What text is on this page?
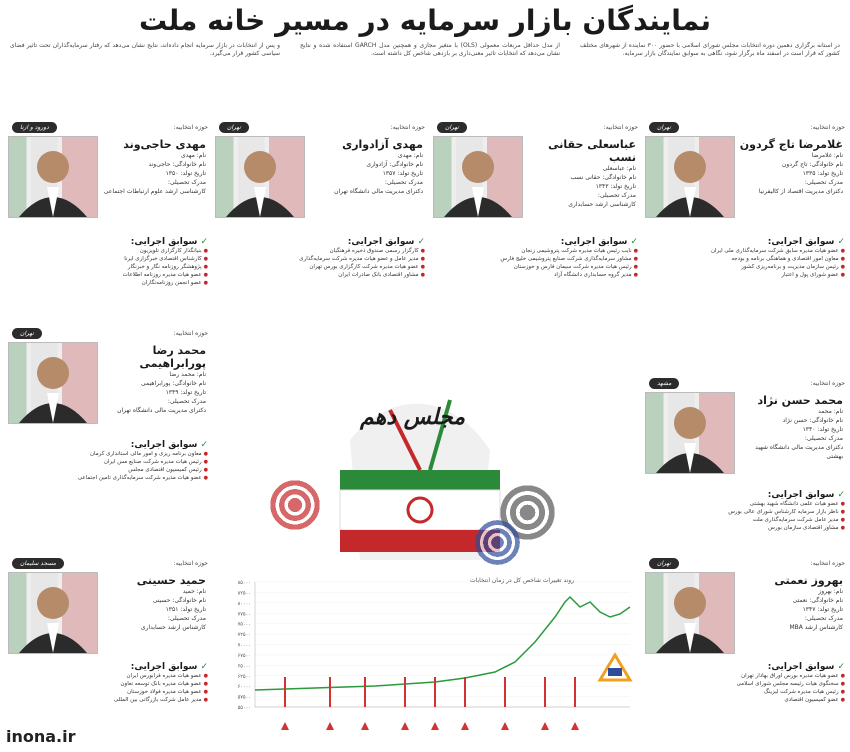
نمایندگان بازار سرمایه در مسیر خانه ملت
در آستانه برگزاری دهمین دوره انتخابات مجلس شورای اسلامی با حضور ۳۰۰ نماینده از شهرهای مختلف کشور که قرار است در اسفند ماه برگزار شود، نگاهی به سوابق نمایندگان بازار سرمایه.
از مدل حداقل مربعات معمولی (OLS) با متغیر مجازی و همچنین مدل GARCH استفاده شده و نتایج نشان می‌دهد که انتخابات تاثیر معنی‌داری بر بازدهی شاخص کل داشته است.
و پس از انتخابات در بازار سرمایه انجام داده‌اند، نتایج نشان می‌دهد که رفتار سرمایه‌گذاران تحت تاثیر فضای سیاسی کشور قرار می‌گیرد.
حوزه انتخابیه:
تهران
غلامرضا تاج گردون
نام: غلامرضا
نام خانوادگی: تاج گردون
تاریخ تولد: ۱۳۳۵
مدرک تحصیلی:
دکترای مدیریت اقتصاد از کالیفرنیا
✓ سوابق اجرایی:
● عضو هیات مدیره سابق شرکت سرمایه‌گذاری ملی ایران
● معاون امور اقتصادی و هماهنگی برنامه و بودجه
● رئیس سازمان مدیریت و برنامه‌ریزی کشور
● عضو شورای پول و اعتبار
حوزه انتخابیه:
تهران
عباسعلی حقانی نسب
نام: عباسعلی
نام خانوادگی: حقانی نسب
تاریخ تولد: ۱۳۴۳
مدرک تحصیلی:
کارشناسی ارشد حسابداری
✓ سوابق اجرایی:
● نایب رئیس هیات مدیره شرکت پتروشیمی زنجان
● مشاور سرمایه‌گذاری شرکت صنایع پتروشیمی خلیج فارس
● رئیس هیات مدیره شرکت سیمان فارس و خوزستان
● مدیر گروه حسابداری دانشگاه آزاد
حوزه انتخابیه:
تهران
مهدی آزادواری
نام: مهدی
نام خانوادگی: آزادواری
تاریخ تولد: ۱۳۵۷
مدرک تحصیلی:
دکترای مدیریت مالی دانشگاه تهران
✓ سوابق اجرایی:
● کارگزار رسمی صندوق ذخیره فرهنگیان
● مدیر عامل و عضو هیات مدیره شرکت سرمایه‌گذاری
● عضو هیات مدیره شرکت کارگزاری بورس تهران
● مشاور اقتصادی بانک صادرات ایران
حوزه انتخابیه:
دورود و ازنا
مهدی حاجی‌وند
نام: مهدی
نام خانوادگی: حاجی‌وند
تاریخ تولد: ۱۳۵۰
مدرک تحصیلی:
کارشناسی ارشد علوم ارتباطات اجتماعی
✓ سوابق اجرایی:
● بنیانگذار کارگزاری تلویزیون
● کارشناس اقتصادی خبرگزاری ایرنا
● پژوهشگر روزنامه نگار و خبرنگار
● عضو هیات مدیره روزنامه اطلاعات
● عضو انجمن روزنامه‌نگاران
حوزه انتخابیه:
مشهد
محمد حسن نژاد
نام: محمد
نام خانوادگی: حسن نژاد
تاریخ تولد: ۱۳۴۰
مدرک تحصیلی:
دکترای مدیریت مالی دانشگاه شهید بهشتی
✓ سوابق اجرایی:
● عضو هیات علمی دانشگاه شهید بهشتی
● ناظر بازار سرمایه کارشناس شورای عالی بورس
● مدیر عامل شرکت سرمایه‌گذاری ملت
● مشاور اقتصادی سازمان بورس
حوزه انتخابیه:
تهران
محمد رضا پورابراهیمی
نام: محمد رضا
نام خانوادگی: پورابراهیمی
تاریخ تولد: ۱۳۴۹
مدرک تحصیلی:
دکترای مدیریت مالی دانشگاه تهران
✓ سوابق اجرایی:
● معاون برنامه ریزی و امور مالی استانداری کرمان
● رئیس هیات مدیره شرکت صنایع مس ایران
● رئیس کمیسیون اقتصادی مجلس
● عضو هیات مدیره شرکت سرمایه‌گذاری تامین اجتماعی
حوزه انتخابیه:
تهران
بهروز نعمتی
نام: بهروز
نام خانوادگی: نعمتی
تاریخ تولد: ۱۳۴۷
مدرک تحصیلی:
کارشناس ارشد MBA
✓ سوابق اجرایی:
● عضو هیات مدیره بورس اوراق بهادار تهران
● سخنگوی هیات رئیسه مجلس شورای اسلامی
● رئیس هیات مدیره شرکت لیزینگ
● عضو کمیسیون اقتصادی
حوزه انتخابیه:
مسجد سلیمان
حمید حسینی
نام: حمید
نام خانوادگی: حسینی
تاریخ تولد: ۱۳۵۱
مدرک تحصیلی:
کارشناس ارشد حسابداری
✓ سوابق اجرایی:
● عضو هیات مدیره فرابورس ایران
● عضو هیات مدیره بانک توسعه تعاون
● عضو هیات مدیره فولاد خوزستان
● مدیر عامل شرکت بازرگانی بین المللی
مجلس دهم
۸۵۰۰۰
۸۲۵۰۰
۸۰۰۰۰
۷۷۵۰۰
۷۵۰۰۰
۷۲۵۰۰
۷۰۰۰۰
۶۷۵۰۰
۶۵۰۰۰
۶۲۵۰۰
۶۰۰۰۰
۵۷۵۰۰
۵۵۰۰۰
روند تغییرات شاخص کل در زمان انتخابات
inona.ir
